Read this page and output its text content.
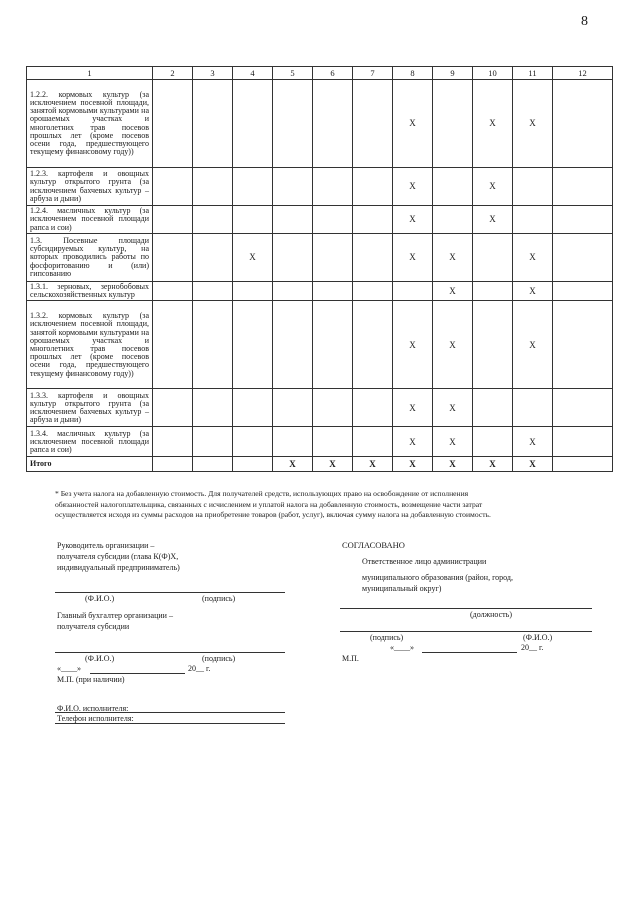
8
1	2	3	4	5	6	7	8	9	10	11	12
1.2.2. кормовых культур (за исключением посевной площади, занятой кормовыми культурами на орошаемых участках и многолетних трав посевов прошлых лет (кроме посевов осени года, предшествующего текущему финансовому году))							X		X	X	
1.2.3. картофеля и овощных культур открытого грунта (за исключением бахчевых культур – арбуза и дыни)							X		X		
1.2.4. масличных культур (за исключением посевной площади рапса и сои)							X		X		
1.3. Посевные площади субсидируемых культур, на которых проводились работы по фосфоритованию и (или) гипсованию			X				X	X		X	
1.3.1. зерновых, зернобобовых сельскохозяйственных культур								X		X	
1.3.2. кормовых культур (за исключением посевной площади, занятой кормовыми культурами на орошаемых участках и многолетних трав посевов прошлых лет (кроме посевов осени года, предшествующего текущему финансовому году))							X	X		X	
1.3.3. картофеля и овощных культур открытого грунта (за исключением бахчевых культур – арбуза и дыни)							X	X			
1.3.4. масличных культур (за исключением посевной площади рапса и сои)							X	X		X	
Итого				X	X	X	X	X	X	X	
* Без учета налога на добавленную стоимость. Для получателей средств, использующих право на освобождение от исполнения обязанностей налогоплательщика, связанных с исчислением и уплатой налога на добавленную стоимость, возмещение части затрат осуществляется исходя из суммы расходов на приобретение товаров (работ, услуг), включая сумму налога на добавленную стоимость.
Руководитель организации –
получателя субсидии (глава К(Ф)Х,
индивидуальный предприниматель)
(Ф.И.О.)	(подпись)
Главный бухгалтер организации –
получателя субсидии
(Ф.И.О.)	(подпись)
«____»	20__ г.
М.П. (при наличии)
Ф.И.О. исполнителя:
Телефон исполнителя:
СОГЛАСОВАНО
Ответственное лицо администрации
муниципального образования (район, город,
муниципальный округ)
(должность)
(подпись)	(Ф.И.О.)
«____»	20__ г.
М.П.
